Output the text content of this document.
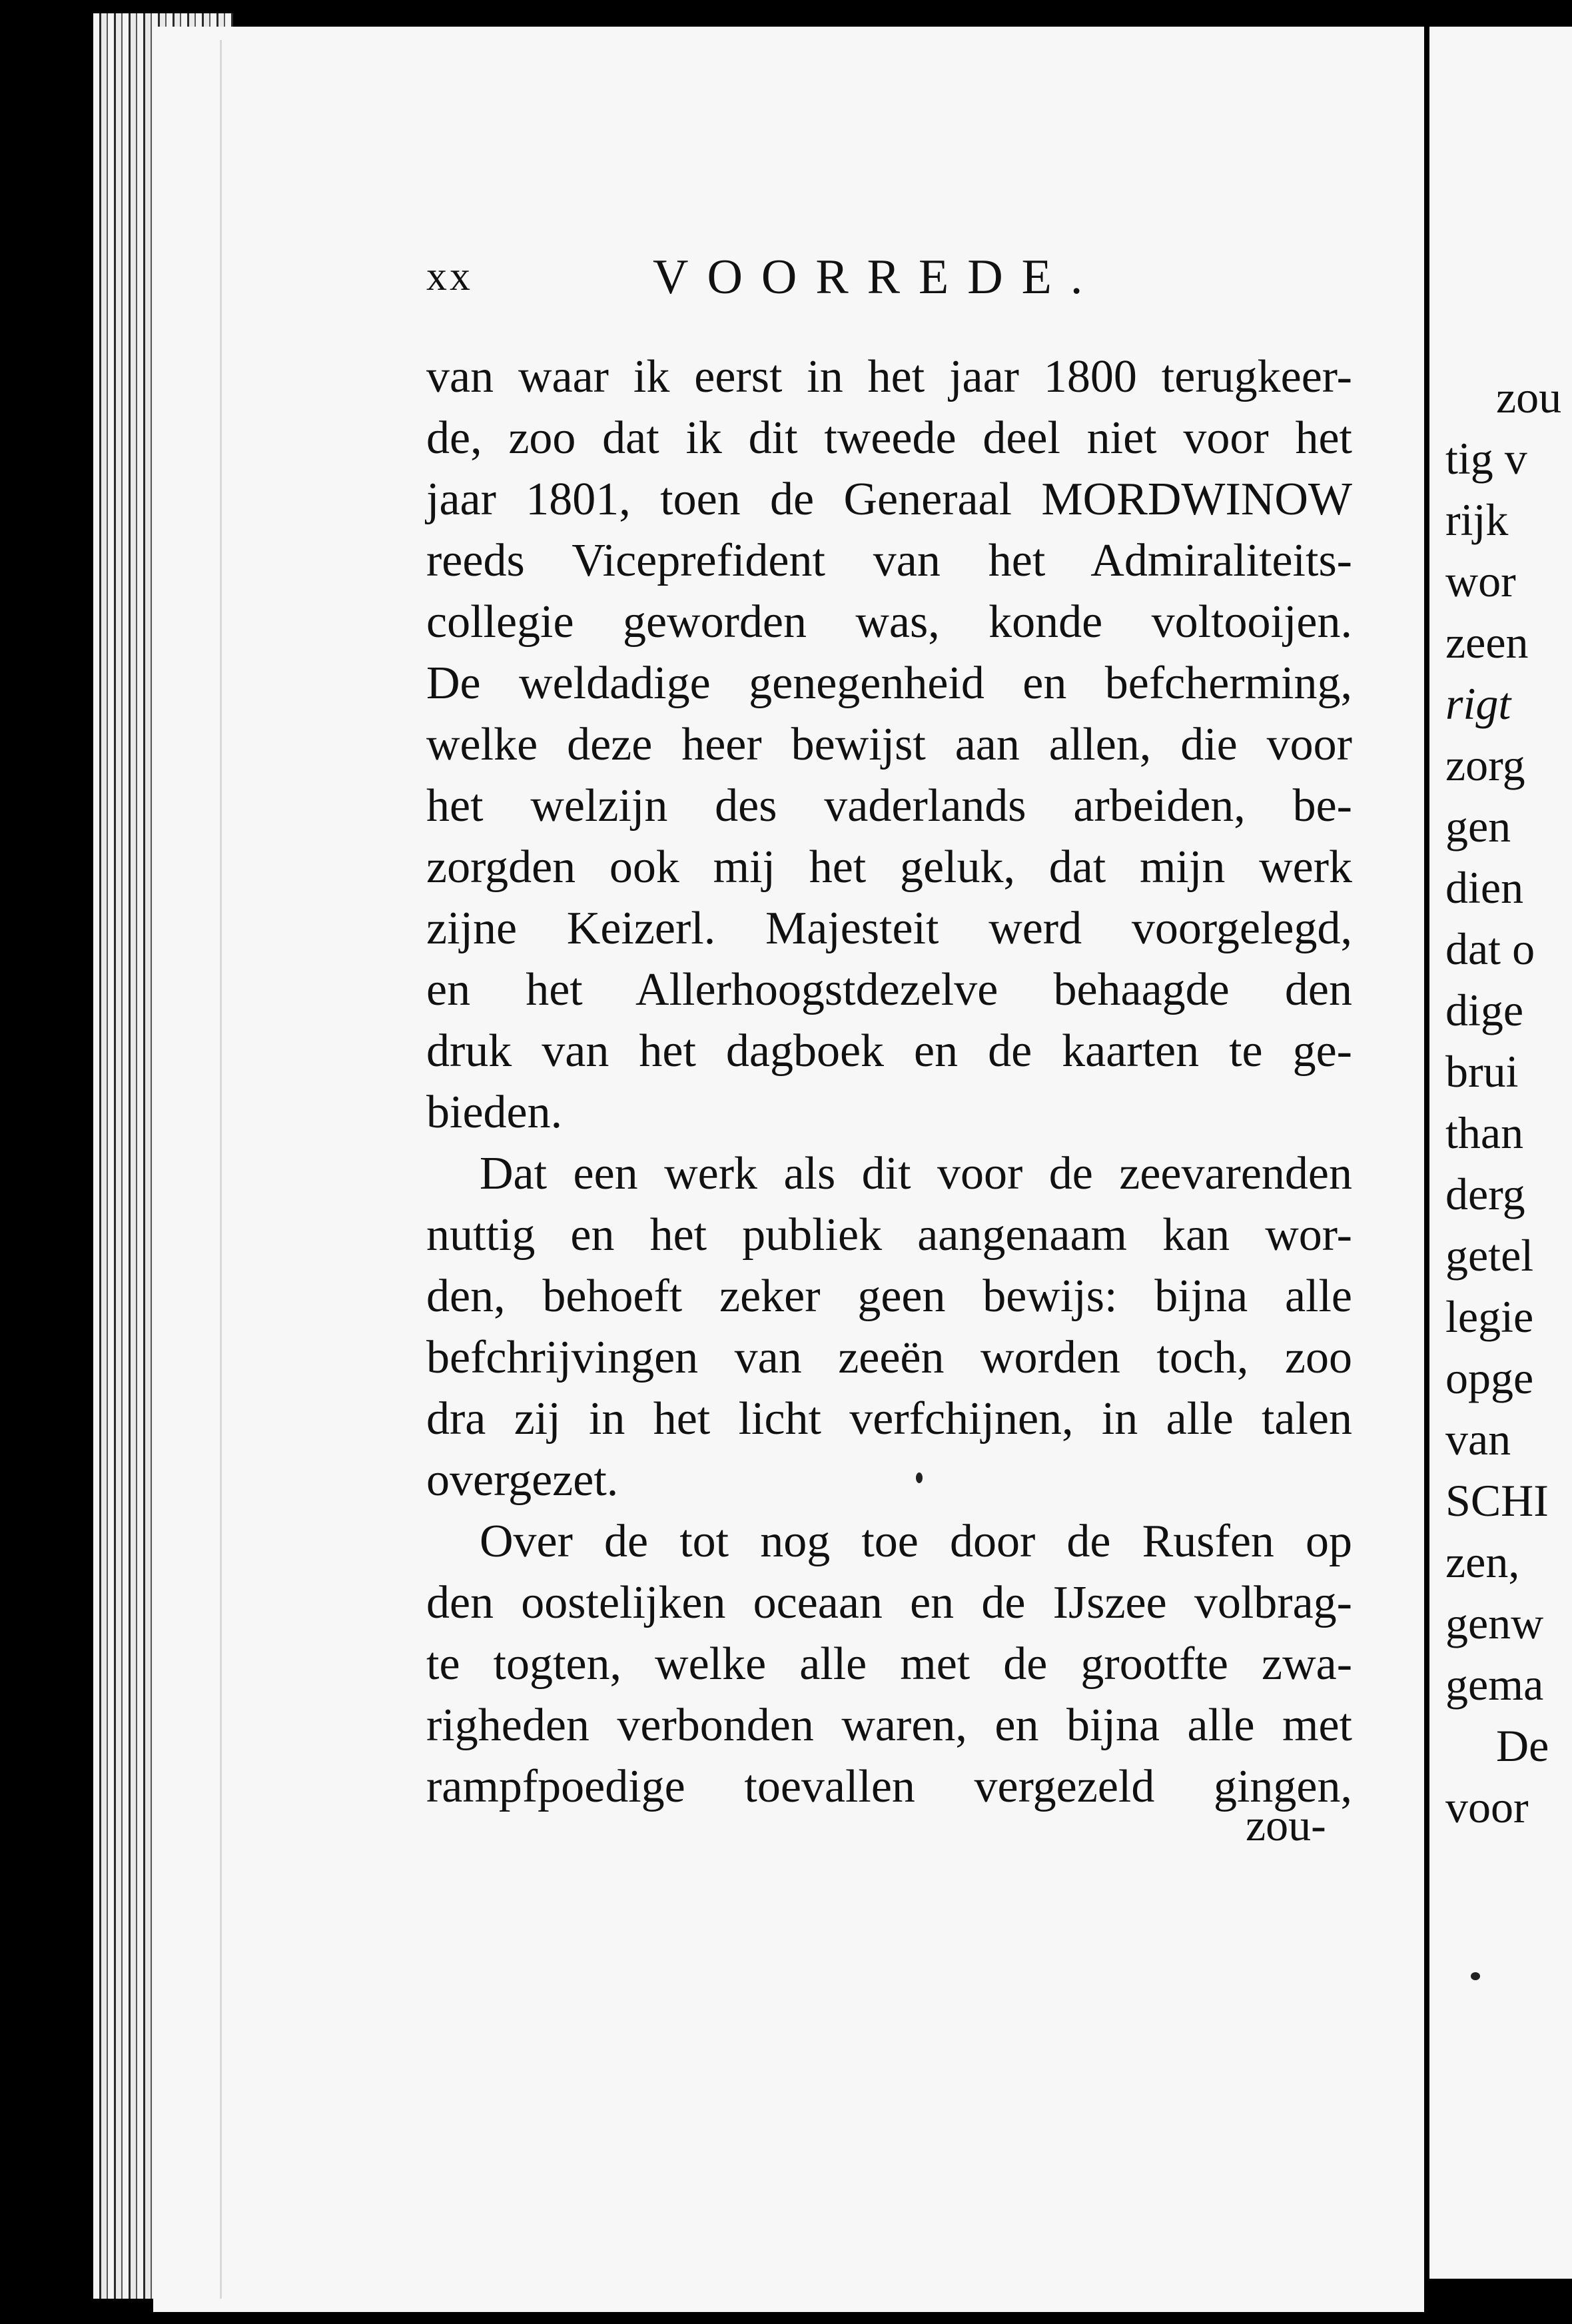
xx	VOORREDE.
van waar ik eerst in het jaar 1800 terugkeer-
de, zoo dat ik dit tweede deel niet voor het
jaar 1801, toen de Generaal MORDWINOW
reeds Viceprefident van het Admiraliteits-
collegie geworden was, konde voltooijen.
De weldadige genegenheid en befcherming,
welke deze heer bewijst aan allen, die voor
het welzijn des vaderlands arbeiden, be-
zorgden ook mij het geluk, dat mijn werk
zijne Keizerl. Majesteit werd voorgelegd,
en het Allerhoogstdezelve behaagde den
druk van het dagboek en de kaarten te ge-
bieden.
Dat een werk als dit voor de zeevarenden
nuttig en het publiek aangenaam kan wor-
den, behoeft zeker geen bewijs: bijna alle
befchrijvingen van zeeën worden toch, zoo
dra zij in het licht verfchijnen, in alle talen
overgezet.
Over de tot nog toe door de Rusfen op
den oostelijken oceaan en de IJszee volbrag-
te togten, welke alle met de grootfte zwa-
righeden verbonden waren, en bijna alle met
rampfpoedige toevallen vergezeld gingen,
zou-
zou
tig v
rijk
wor
zeen
rigt
zorg
gen
dien
dat o
dige
brui
than
derg
getel
legie
opge
van
SCHI
zen,
genw
gema
De
voor
